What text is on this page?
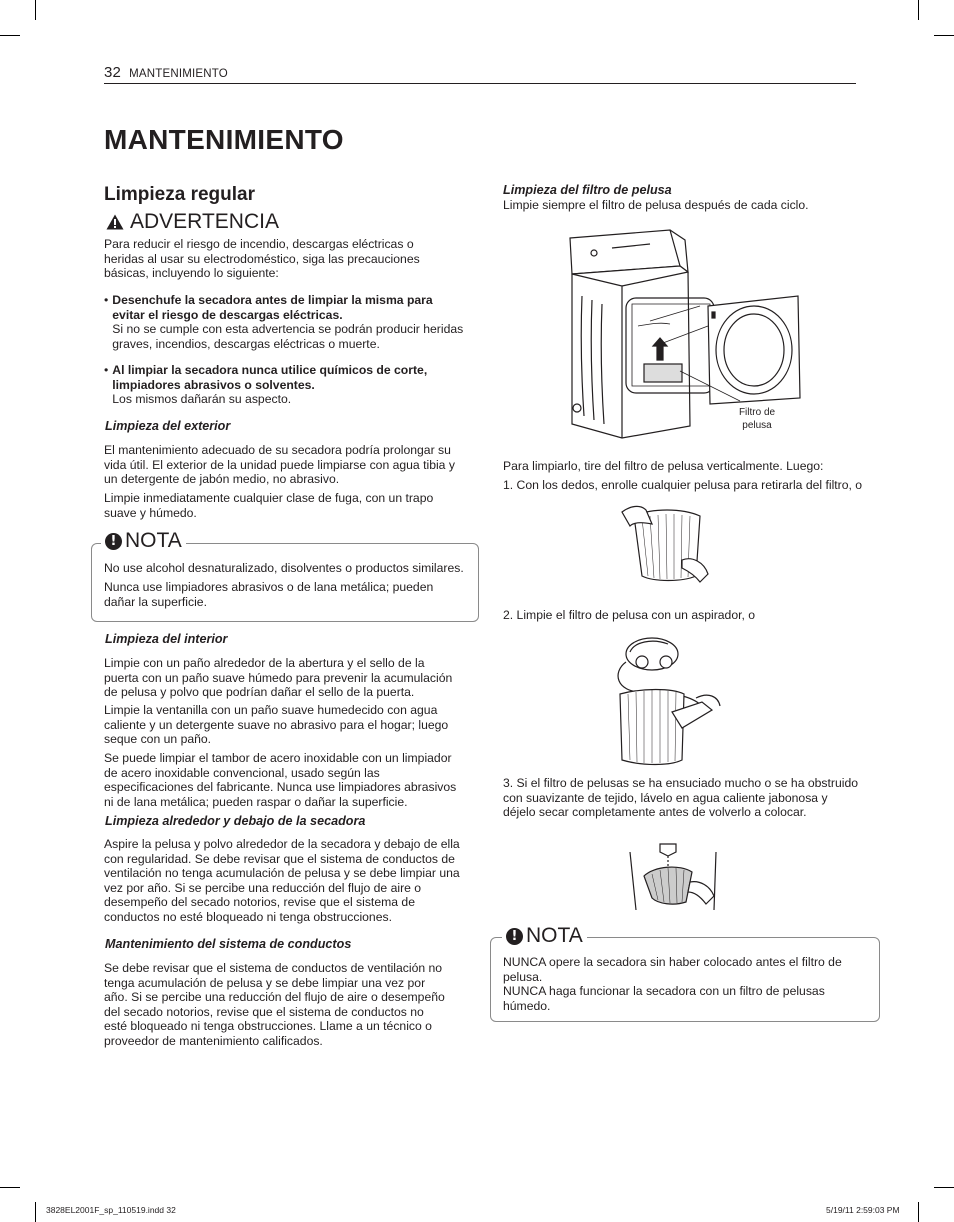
32 MANTENIMIENTO
MANTENIMIENTO
Limpieza regular
ADVERTENCIA
Para reducir el riesgo de incendio, descargas eléctricas o heridas al usar su electrodoméstico, siga las precauciones básicas, incluyendo lo siguiente:
• Desenchufe la secadora antes de limpiar la misma para evitar el riesgo de descargas eléctricas.
Si no se cumple con esta advertencia se podrán producir heridas graves, incendios, descargas eléctricas o muerte.
• Al limpiar la secadora nunca utilice químicos de corte, limpiadores abrasivos o solventes.
Los mismos dañarán su aspecto.
Limpieza del exterior
El mantenimiento adecuado de su secadora podría prolongar su vida útil. El exterior de la unidad puede limpiarse con agua tibia y un detergente de jabón medio, no abrasivo.
Limpie inmediatamente cualquier clase de fuga, con un trapo suave y húmedo.
! NOTA
No use alcohol desnaturalizado, disolventes o productos similares.
Nunca use limpiadores abrasivos o de lana metálica; pueden dañar la superficie.
Limpieza del interior
Limpie con un paño alrededor de la abertura y el sello de la puerta con un paño suave húmedo para prevenir la acumulación de pelusa y polvo que podrían dañar el sello de la puerta.
Limpie la ventanilla con un paño suave humedecido con agua caliente y un detergente suave no abrasivo para el hogar; luego seque con un paño.
Se puede limpiar el tambor de acero inoxidable con un limpiador de acero inoxidable convencional, usado según las especificaciones del fabricante. Nunca use limpiadores abrasivos ni de lana metálica; pueden raspar o dañar la superficie.
Limpieza alrededor y debajo de la secadora
Aspire la pelusa y polvo alrededor de la secadora y debajo de ella con regularidad. Se debe revisar que el sistema de conductos de ventilación no tenga acumulación de pelusa y se debe limpiar una vez por año. Si se percibe una reducción del flujo de aire o desempeño del secado notorios, revise que el sistema de conductos no esté bloqueado ni tenga obstrucciones.
Mantenimiento del sistema de conductos
Se debe revisar que el sistema de conductos de ventilación no tenga acumulación de pelusa y se debe limpiar una vez por año. Si se percibe una reducción del flujo de aire o desempeño del secado notorios, revise que el sistema de conductos no esté bloqueado ni tenga obstrucciones. Llame a un técnico o proveedor de mantenimiento calificados.
Limpieza del filtro de pelusa
Limpie siempre el filtro de pelusa después de cada ciclo.
Filtro de
pelusa
Para limpiarlo, tire del filtro de pelusa verticalmente. Luego:
1. Con los dedos, enrolle cualquier pelusa para retirarla del filtro, o
2. Limpie el filtro de pelusa con un aspirador, o
3. Si el filtro de pelusas se ha ensuciado mucho o se ha obstruido con suavizante de tejido, lávelo en agua caliente jabonosa y déjelo secar completamente antes de volverlo a colocar.
! NOTA
NUNCA opere la secadora sin haber colocado antes el filtro de pelusa.
NUNCA haga funcionar la secadora con un filtro de pelusas húmedo.
3828EL2001F_sp_110519.indd 32	5/19/11 2:59:03 PM
